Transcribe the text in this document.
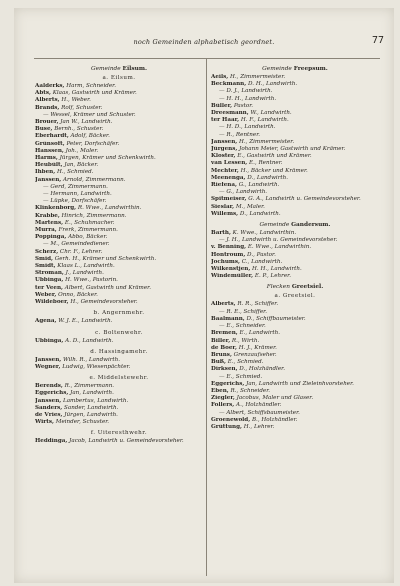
noch Gemeinden alphabetisch geordnet.	77
Gemeinde Eilsum.
a. Eilsum.
Aalderks, Harm, Schneider.
Abts, Klaas, Gastwirth und Krämer.
Alberts, H., Weber.
Brands, Rolf, Schuster.
— Wessel, Krämer und Schuster.
Brouer, Jan W., Landwirth.
Buse, Bernh., Schuster.
Eberhardt, Adolf, Bäcker.
Grünsoft, Peter, Dorfschäfer.
Hanssen, Joh., Maler.
Harms, Jürgen, Krämer und Schenkwirth.
Heubült, Jan, Bäcker.
Ihben, H., Schmied.
Janssen, Arnold, Zimmermann.
— Gerd, Zimmermann.
— Hermann, Landwirth.
— Lüpke, Dorfschäfer.
Klinkenborg, R. Wwe., Landwirthin.
Krabbe, Hinrich, Zimmermann.
Martens, E., Schuhmacher.
Murra, Frerk, Zimmermann.
Poppinga, Abbo, Bäcker.
— M., Gemeindediener.
Scherz, Chr. F., Lehrer.
Smid, Gerh. H., Krämer und Schenkwirth.
Smidt, Klaas L., Landwirth.
Stroman, J., Landwirth.
Ubbinga, H. Wwe., Pastorin.
ter Veen, Albert, Gastwirth und Krämer.
Weber, Onno, Bäcker.
Wildeboer, H., Gemeindevorsteher.
b. Angernmehr.
Agena, W. J. E., Landwirth.
c. Boltenwehr.
Ubbinga, A. D., Landwirth.
d. Hassingamehr.
Janssen, Wilh. R., Landwirth.
Wegner, Ludwig, Wiesenpächter.
e. Middelstewehr.
Berends, R., Zimmermann.
Eggerichs, Jan, Landwirth.
Janssen, Lambertus, Landwirth.
Sanders, Sander, Landwirth.
de Vries, Jürgen, Landwirth.
Wirts, Meinder, Schuster.
f. Uiteresthwehr.
Heddinga, Jacob, Landwirth u. Gemeindevorsteher.
Gemeinde Freepsum.
Aeils, H., Zimmermeister.
Beckmann, D. H., Landwirth.
— D. J., Landwirth.
— H. H., Landwirth.
Büller, Pastor.
Dreesmann, W., Landwirth.
ter Haar, H. F., Landwirth.
— H. D., Landwirth.
— R., Rentner.
Janssen, H., Zimmermeister.
Jürgens, Johann Meier, Gastwirth und Krämer.
Kloster, E., Gastwirth und Krämer.
van Lessen, E., Rentner.
Mechter, H., Bäcker und Krämer.
Meenenga, D., Landwirth.
Riefena, G., Landwirth.
— G., Landwirth.
Spitmeiser, G. A., Landwirth u. Gemeindevorsteher.
Sieslar, M., Maler.
Willems, D., Landwirth.
Gemeinde Gandersum.
Barth, K. Wwe., Landwirthin.
— J. H., Landwirth u. Gemeindevorsteher.
v. Benning, E. Wwe., Landwirthin.
Hontroum, D., Pastor.
Jochums, C., Landwirth.
Wilkenstjen, H. H., Landwirth.
Windemüller, E. P., Lehrer.
Flecken Greetsiel.
a. Greetsiel.
Alberts, R. R., Schiffer.
— R. E., Schiffer.
Baalmann, D., Schiffbaumeister.
— E., Schneider.
Bremen, E., Landwirth.
Biller, R., Wirth.
de Boer, H. J., Krämer.
Bruns, Grenzaufseher.
Buß, E., Schmied.
Dirksen, D., Holzhändler.
— E., Schmied.
Eggerichs, Jan, Landwirth und Zieleinhvorsteher.
Eben, R., Schneider.
Ziegler, Jacobus, Maler und Glaser.
Follers, A., Holzhändler.
— Albert, Schiffsbaumeister.
Groenewold, B., Holzhändler.
Grüttung, H., Lehrer.
